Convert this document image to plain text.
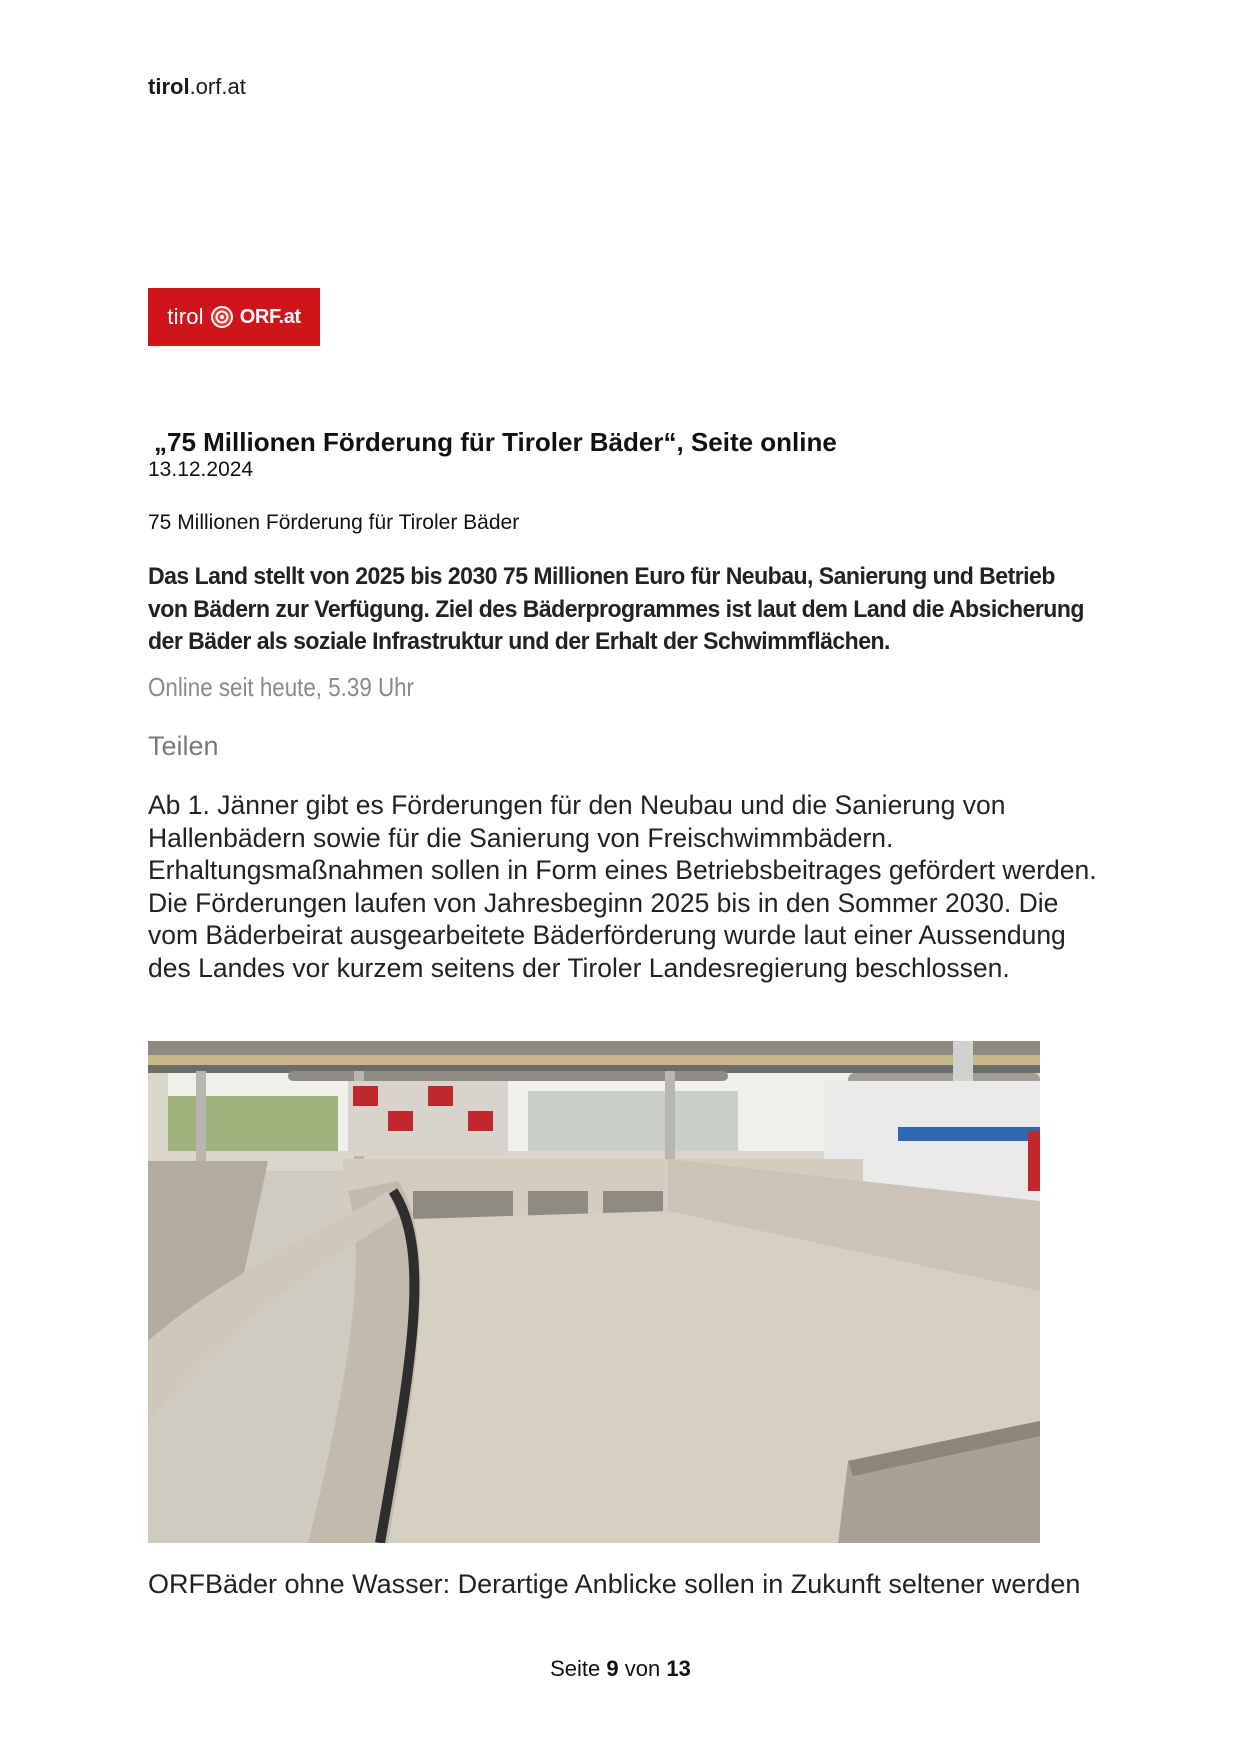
tirol.orf.at
tirol ORF.at
„75 Millionen Förderung für Tiroler Bäder“, Seite online
13.12.2024
75 Millionen Förderung für Tiroler Bäder
Das Land stellt von 2025 bis 2030 75 Millionen Euro für Neubau, Sanierung und Betrieb von Bädern zur Verfügung. Ziel des Bäderprogrammes ist laut dem Land die Absicherung der Bäder als soziale Infrastruktur und der Erhalt der Schwimmflächen.
Online seit heute, 5.39 Uhr
Teilen
Ab 1. Jänner gibt es Förderungen für den Neubau und die Sanierung von Hallenbädern sowie für die Sanierung von Freischwimmbädern. Erhaltungsmaßnahmen sollen in Form eines Betriebsbeitrages gefördert werden. Die Förderungen laufen von Jahresbeginn 2025 bis in den Sommer 2030. Die vom Bäderbeirat ausgearbeitete Bäderförderung wurde laut einer Aussendung des Landes vor kurzem seitens der Tiroler Landesregierung beschlossen.
ORFBäder ohne Wasser: Derartige Anblicke sollen in Zukunft seltener werden
Seite 9 von 13
